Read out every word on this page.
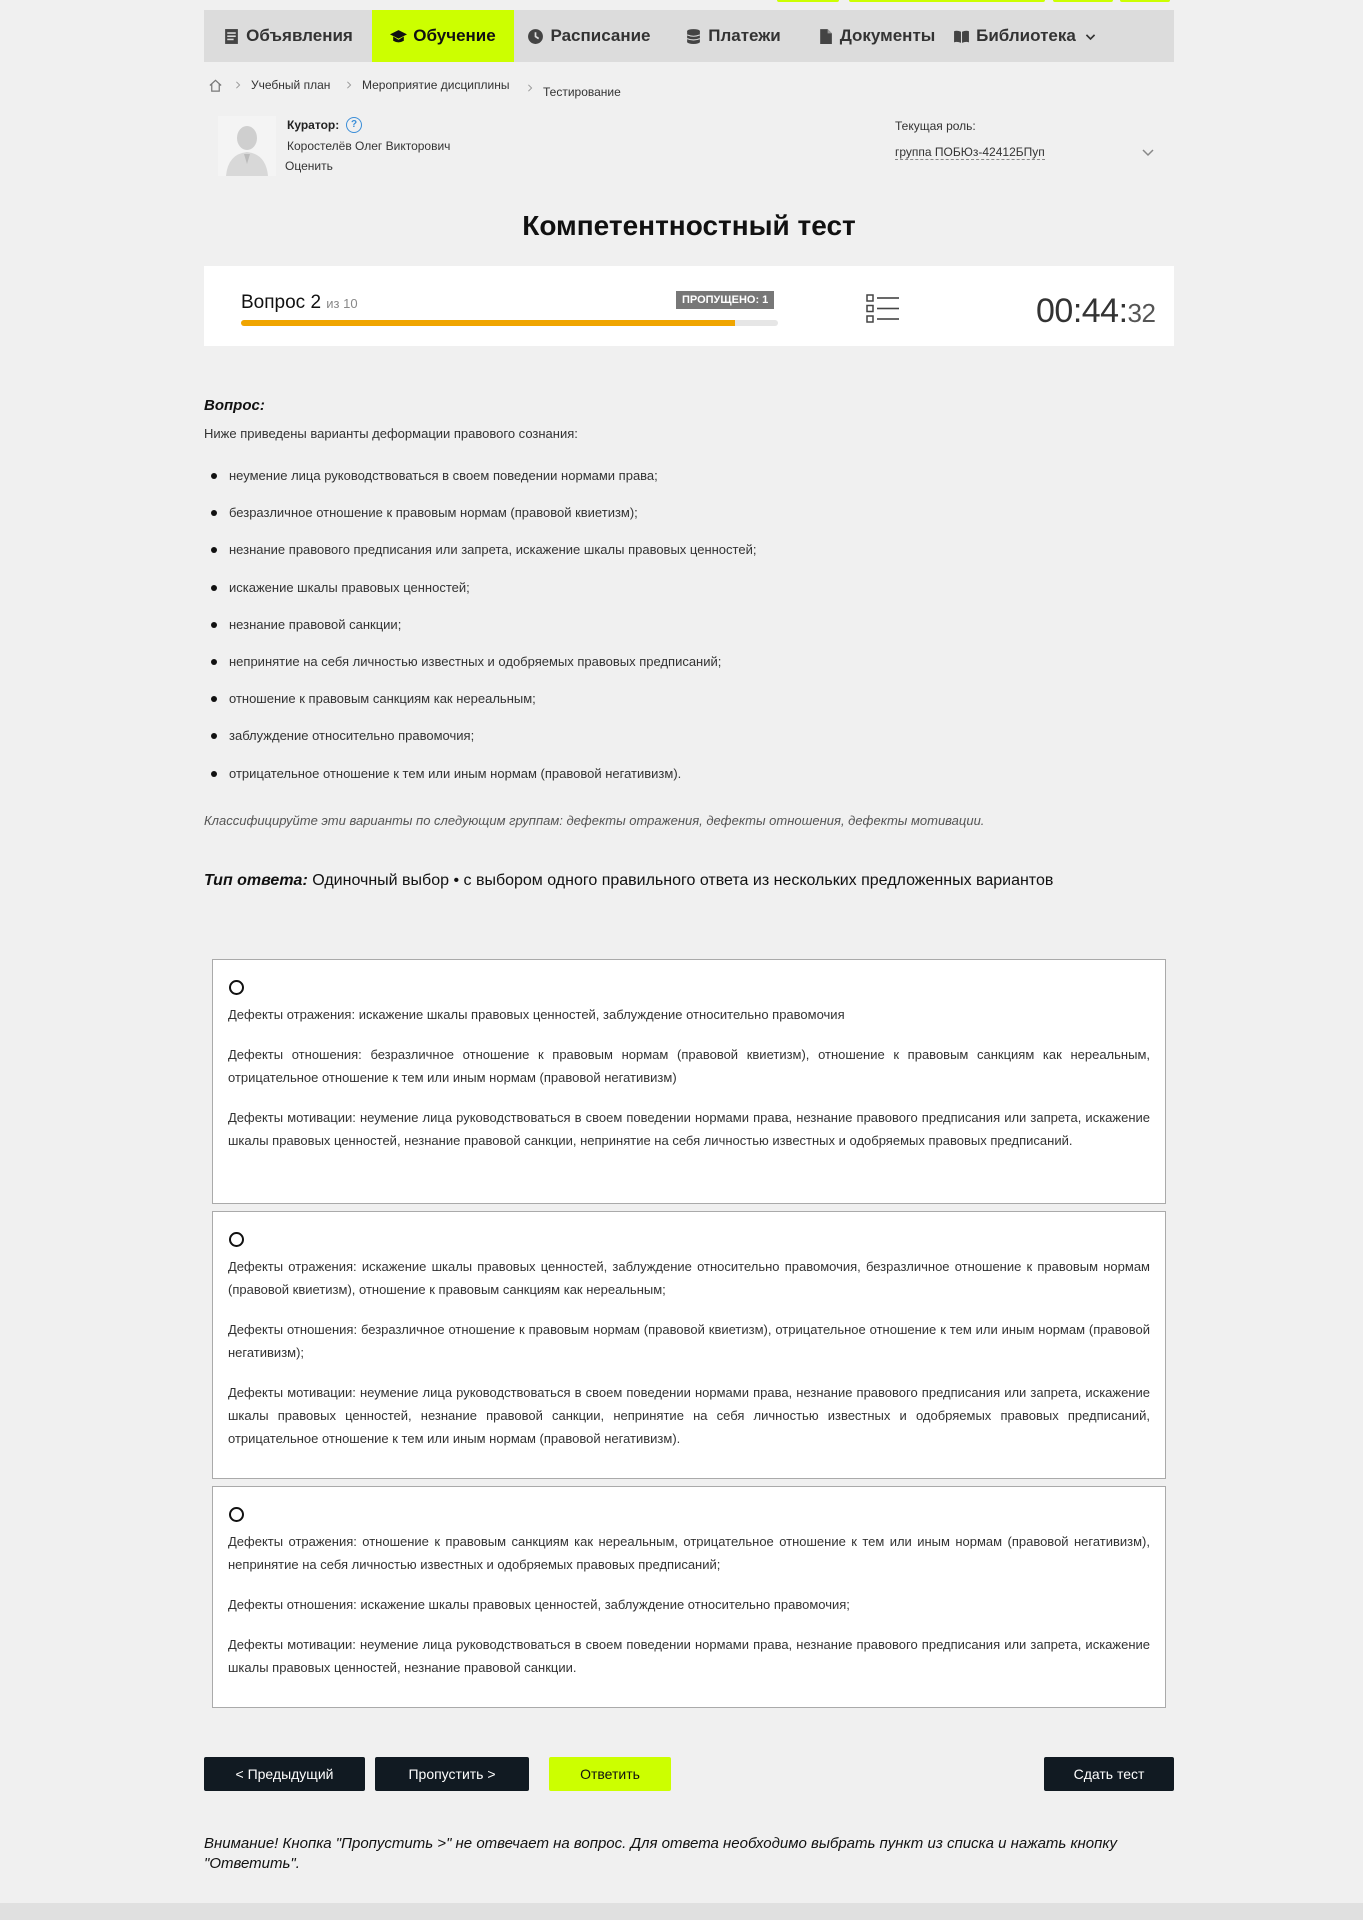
Объявления	Обучение	Расписание	Платежи	Документы Библиотека
Учебный план	Мероприятие дисциплины	Тестирование
Куратор:	?
Коростелёв Олег Викторович
Оценить
Текущая роль:
группа ПОБЮз-42412БПуп
Компетентностный тест
Вопрос 2 из 10	ПРОПУЩЕНО: 1	00:44:32
Вопрос:
Ниже приведены варианты деформации правового сознания:
неумение лица руководствоваться в своем поведении нормами права;
безразличное отношение к правовым нормам (правовой квиетизм);
незнание правового предписания или запрета, искажение шкалы правовых ценностей;
искажение шкалы правовых ценностей;
незнание правовой санкции;
непринятие на себя личностью известных и одобряемых правовых предписаний;
отношение к правовым санкциям как нереальным;
заблуждение относительно правомочия;
отрицательное отношение к тем или иным нормам (правовой негативизм).
Классифицируйте эти варианты по следующим группам: дефекты отражения, дефекты отношения, дефекты мотивации.
Тип ответа: Одиночный выбор • с выбором одного правильного ответа из нескольких предложенных вариантов

Дефекты отражения: искажение шкалы правовых ценностей, заблуждение относительно правомочия

Дефекты отношения: безразличное отношение к правовым нормам (правовой квиетизм), отношение к правовым санкциям как нереальным, отрицательное отношение к тем или иным нормам (правовой негативизм)

Дефекты мотивации: неумение лица руководствоваться в своем поведении нормами права, незнание правового предписания или запрета, искажение шкалы правовых ценностей, незнание правовой санкции, непринятие на себя личностью известных и одобряемых правовых предписаний.

Дефекты отражения: искажение шкалы правовых ценностей, заблуждение относительно правомочия, безразличное отношение к правовым нормам (правовой квиетизм), отношение к правовым санкциям как нереальным;

Дефекты отношения: безразличное отношение к правовым нормам (правовой квиетизм), отрицательное отношение к тем или иным нормам (правовой негативизм);

Дефекты мотивации: неумение лица руководствоваться в своем поведении нормами права, незнание правового предписания или запрета, искажение шкалы правовых ценностей, незнание правовой санкции, непринятие на себя личностью известных и одобряемых правовых предписаний, отрицательное отношение к тем или иным нормам (правовой негативизм).

Дефекты отражения: отношение к правовым санкциям как нереальным, отрицательное отношение к тем или иным нормам (правовой негативизм), непринятие на себя личностью известных и одобряемых правовых предписаний;

Дефекты отношения: искажение шкалы правовых ценностей, заблуждение относительно правомочия;

Дефекты мотивации: неумение лица руководствоваться в своем поведении нормами права, незнание правового предписания или запрета, искажение шкалы правовых ценностей, незнание правовой санкции.

< Предыдущий	Пропустить >	Ответить	Сдать тест
Внимание! Кнопка "Пропустить >" не отвечает на вопрос. Для ответа необходимо выбрать пункт из списка и нажать кнопку "Ответить".
